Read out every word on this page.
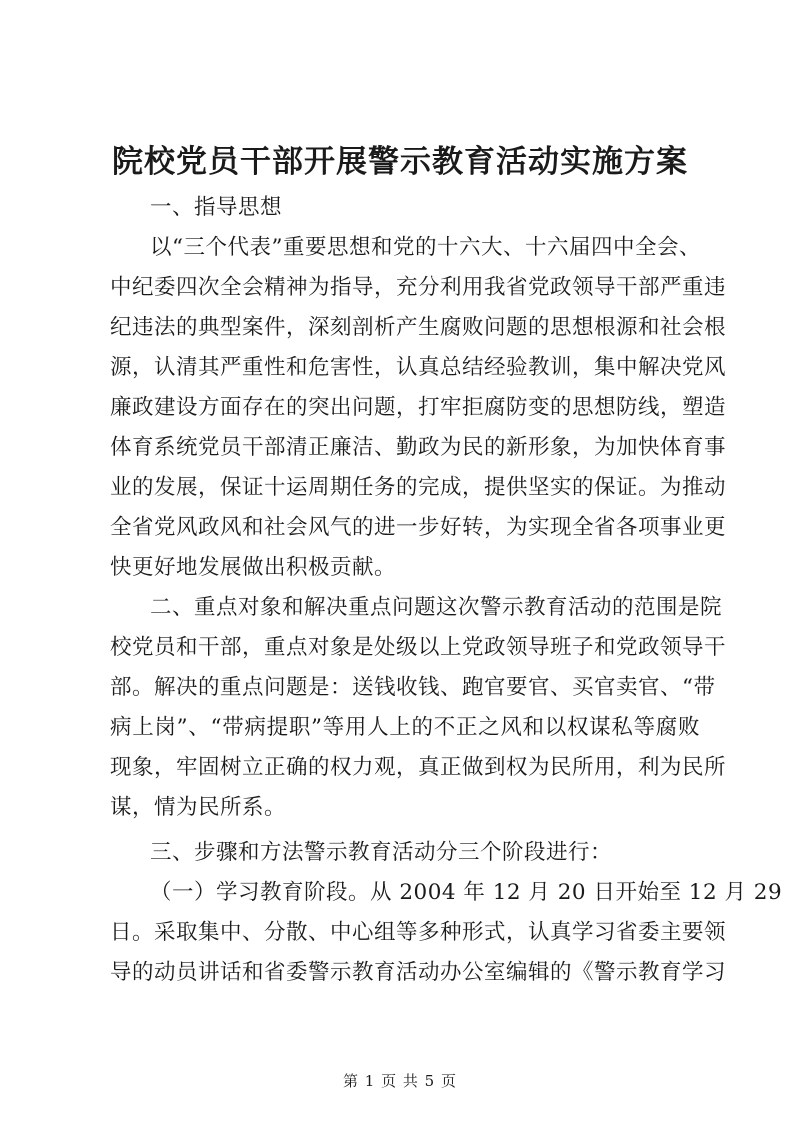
院校党员干部开展警示教育活动实施方案
一、指导思想
以“三个代表”重要思想和党的十六大、十六届四中全会、
中纪委四次全会精神为指导，充分利用我省党政领导干部严重违
纪违法的典型案件，深刻剖析产生腐败问题的思想根源和社会根
源，认清其严重性和危害性，认真总结经验教训，集中解决党风
廉政建设方面存在的突出问题，打牢拒腐防变的思想防线，塑造
体育系统党员干部清正廉洁、勤政为民的新形象，为加快体育事
业的发展，保证十运周期任务的完成，提供坚实的保证。为推动
全省党风政风和社会风气的进一步好转，为实现全省各项事业更
快更好地发展做出积极贡献。
二、重点对象和解决重点问题这次警示教育活动的范围是院
校党员和干部，重点对象是处级以上党政领导班子和党政领导干
部。解决的重点问题是：送钱收钱、跑官要官、买官卖官、“带
病上岗”、“带病提职”等用人上的不正之风和以权谋私等腐败
现象，牢固树立正确的权力观，真正做到权为民所用，利为民所
谋，情为民所系。
三、步骤和方法警示教育活动分三个阶段进行：
（一）学习教育阶段。从 2004 年 12 月 20 日开始至 12 月 29
日。采取集中、分散、中心组等多种形式，认真学习省委主要领
导的动员讲话和省委警示教育活动办公室编辑的《警示教育学习
第 1 页 共 5 页
